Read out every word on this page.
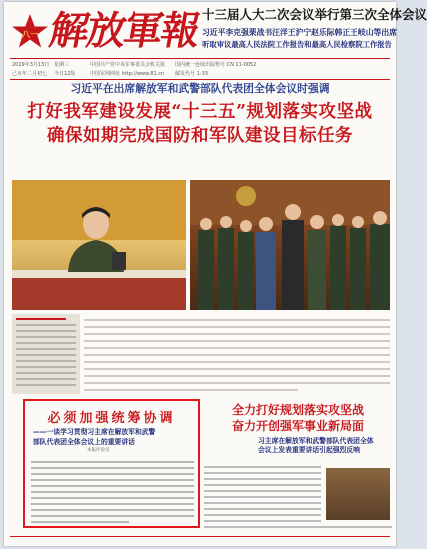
八一 解放軍報 十三届人大二次会议举行第三次全体会议
习近平李克强栗战书汪洋王沪宁赵乐际韩正王岐山等出席
听取审议最高人民法院工作报告和最高人民检察院工作报告
2019年3月13日 星期三
己亥年二月初七 今日12版
中国共产党中央军事委员会机关报
中国军网网址 http://www.81.cn
国内统一连续出版物号 CN 11-0052
邮发代号 1-33
习近平在出席解放军和武警部队代表团全体会议时强调
打好我军建设发展“十三五”规划落实攻坚战
确保如期完成国防和军队建设目标任务
必须加强统筹协调
——一谈学习贯彻习主席在解放军和武警
部队代表团全体会议上的重要讲话
本报评论员
全力打好规划落实攻坚战
奋力开创强军事业新局面
习主席在解放军和武警部队代表团全体
会议上发表重要讲话引起强烈反响
